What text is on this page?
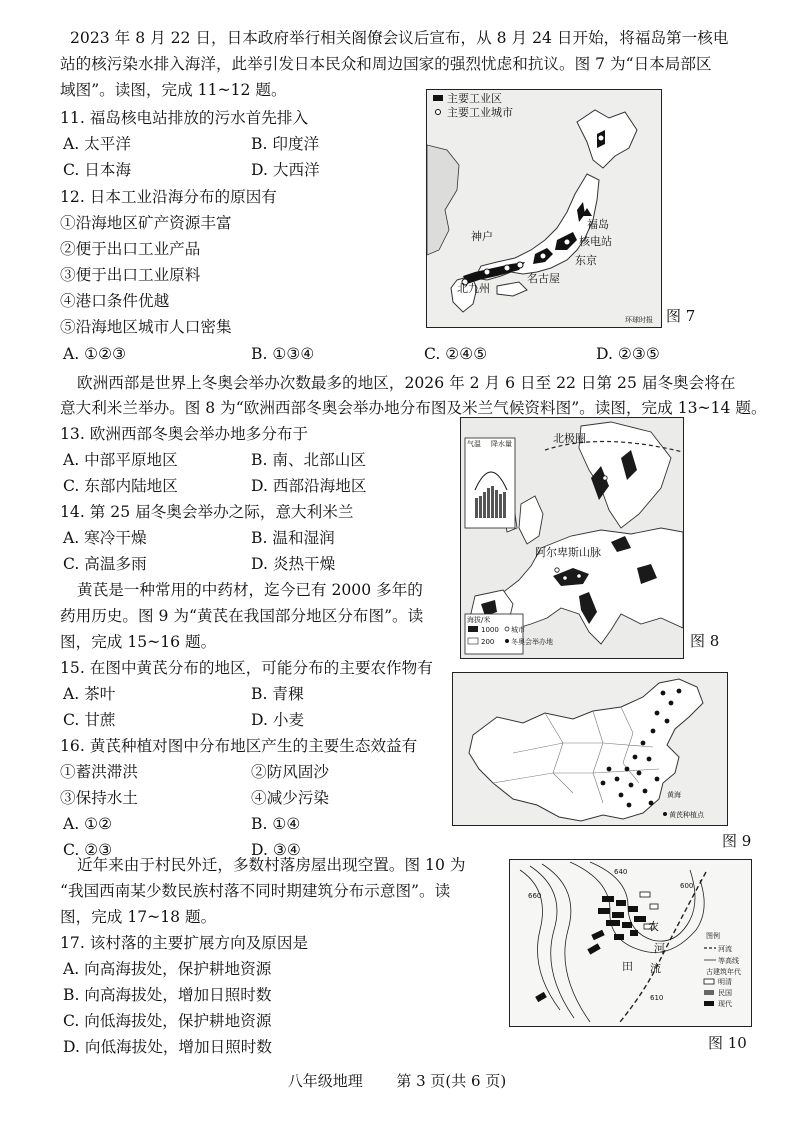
2023 年 8 月 22 日，日本政府举行相关阁僚会议后宣布，从 8 月 24 日开始，将福岛第一核电
站的核污染水排入海洋，此举引发日本民众和周边国家的强烈忧虑和抗议。图 7 为“日本局部区
域图”。读图，完成 11~12 题。
11. 福岛核电站排放的污水首先排入
A. 太平洋	B. 印度洋
C. 日本海	D. 大西洋
12. 日本工业沿海分布的原因有
①沿海地区矿产资源丰富
②便于出口工业产品
③便于出口工业原料
④港口条件优越
⑤沿海地区城市人口密集
A. ①②③	B. ①③④	C. ②④⑤	D. ②③⑤
主要工业区
主要工业城市
神户
福岛
核电站
东京
名古屋
北九州
环球时报 图 7
欧洲西部是世界上冬奥会举办次数最多的地区，2026 年 2 月 6 日至 22 日第 25 届冬奥会将在
意大利米兰举办。图 8 为“欧洲西部冬奥会举办地分布图及米兰气候资料图”。读图，完成 13~14 题。
13. 欧洲西部冬奥会举办地多分布于
A. 中部平原地区	B. 南、北部山区
C. 东部内陆地区	D. 西部沿海地区
14. 第 25 届冬奥会举办之际，意大利米兰
A. 寒冷干燥	B. 温和湿润
C. 高温多雨	D. 炎热干燥
北极圈
阿尔卑斯山脉
气温 降水量
海拔/米
1000
200
城市
冬奥会举办地	图 8
黄芪是一种常用的中药材，迄今已有 2000 多年的
药用历史。图 9 为“黄芪在我国部分地区分布图”。读
图，完成 15~16 题。
15. 在图中黄芪分布的地区，可能分布的主要农作物有
A. 茶叶	B. 青稞
C. 甘蔗	D. 小麦
16. 黄芪种植对图中分布地区产生的主要生态效益有
①蓄洪滞洪	②防风固沙
③保持水土	④减少污染
A. ①②	B. ①④
C. ②③	D. ③④
黄海
黄芪种植点
图 9
近年来由于村民外迁，多数村落房屋出现空置。图 10 为
“我国西南某少数民族村落不同时期建筑分布示意图”。读
图，完成 17~18 题。
17. 该村落的主要扩展方向及原因是
A. 向高海拔处，保护耕地资源
B. 向高海拔处，增加日照时数
C. 向低海拔处，保护耕地资源
D. 向低海拔处，增加日照时数
660
640
600
610
农
田
河
流
图例
河流
等高线
古建筑年代
明清
民国
现代
图 10
八年级地理 第 3 页(共 6 页)
